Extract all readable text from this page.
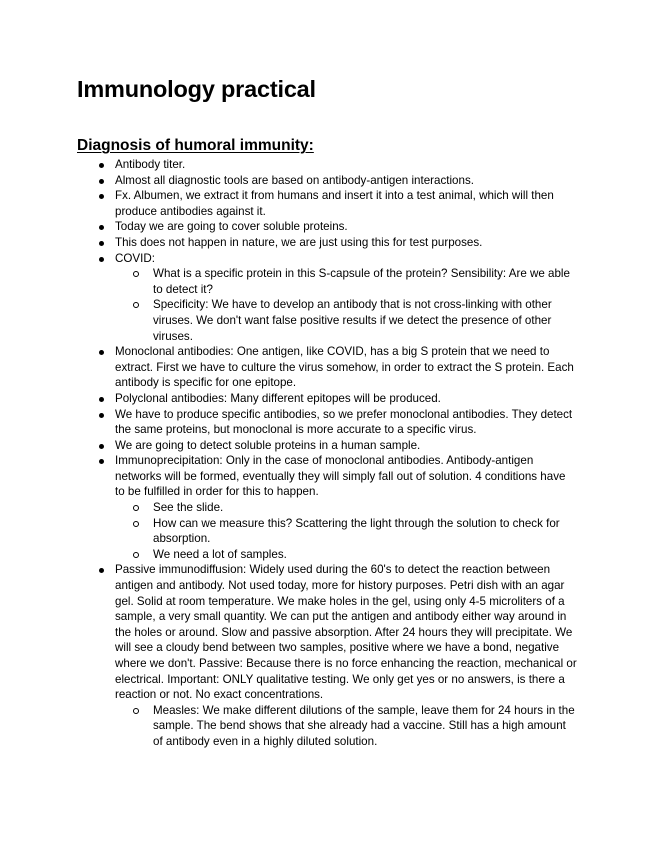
Immunology practical
Diagnosis of humoral immunity:
Antibody titer.
Almost all diagnostic tools are based on antibody-antigen interactions.
Fx. Albumen, we extract it from humans and insert it into a test animal, which will then produce antibodies against it.
Today we are going to cover soluble proteins.
This does not happen in nature, we are just using this for test purposes.
COVID:
What is a specific protein in this S-capsule of the protein? Sensibility: Are we able to detect it?
Specificity: We have to develop an antibody that is not cross-linking with other viruses. We don't want false positive results if we detect the presence of other viruses.
Monoclonal antibodies: One antigen, like COVID, has a big S protein that we need to extract. First we have to culture the virus somehow, in order to extract the S protein. Each antibody is specific for one epitope.
Polyclonal antibodies: Many different epitopes will be produced.
We have to produce specific antibodies, so we prefer monoclonal antibodies. They detect the same proteins, but monoclonal is more accurate to a specific virus.
We are going to detect soluble proteins in a human sample.
Immunoprecipitation: Only in the case of monoclonal antibodies. Antibody-antigen networks will be formed, eventually they will simply fall out of solution. 4 conditions have to be fulfilled in order for this to happen.
See the slide.
How can we measure this? Scattering the light through the solution to check for absorption.
We need a lot of samples.
Passive immunodiffusion: Widely used during the 60's to detect the reaction between antigen and antibody. Not used today, more for history purposes. Petri dish with an agar gel. Solid at room temperature. We make holes in the gel, using only 4-5 microliters of a sample, a very small quantity. We can put the antigen and antibody either way around in the holes or around. Slow and passive absorption. After 24 hours they will precipitate. We will see a cloudy bend between two samples, positive where we have a bond, negative where we don't. Passive: Because there is no force enhancing the reaction, mechanical or electrical. Important: ONLY qualitative testing. We only get yes or no answers, is there a reaction or not. No exact concentrations.
Measles: We make different dilutions of the sample, leave them for 24 hours in the sample. The bend shows that she already had a vaccine. Still has a high amount of antibody even in a highly diluted solution.
